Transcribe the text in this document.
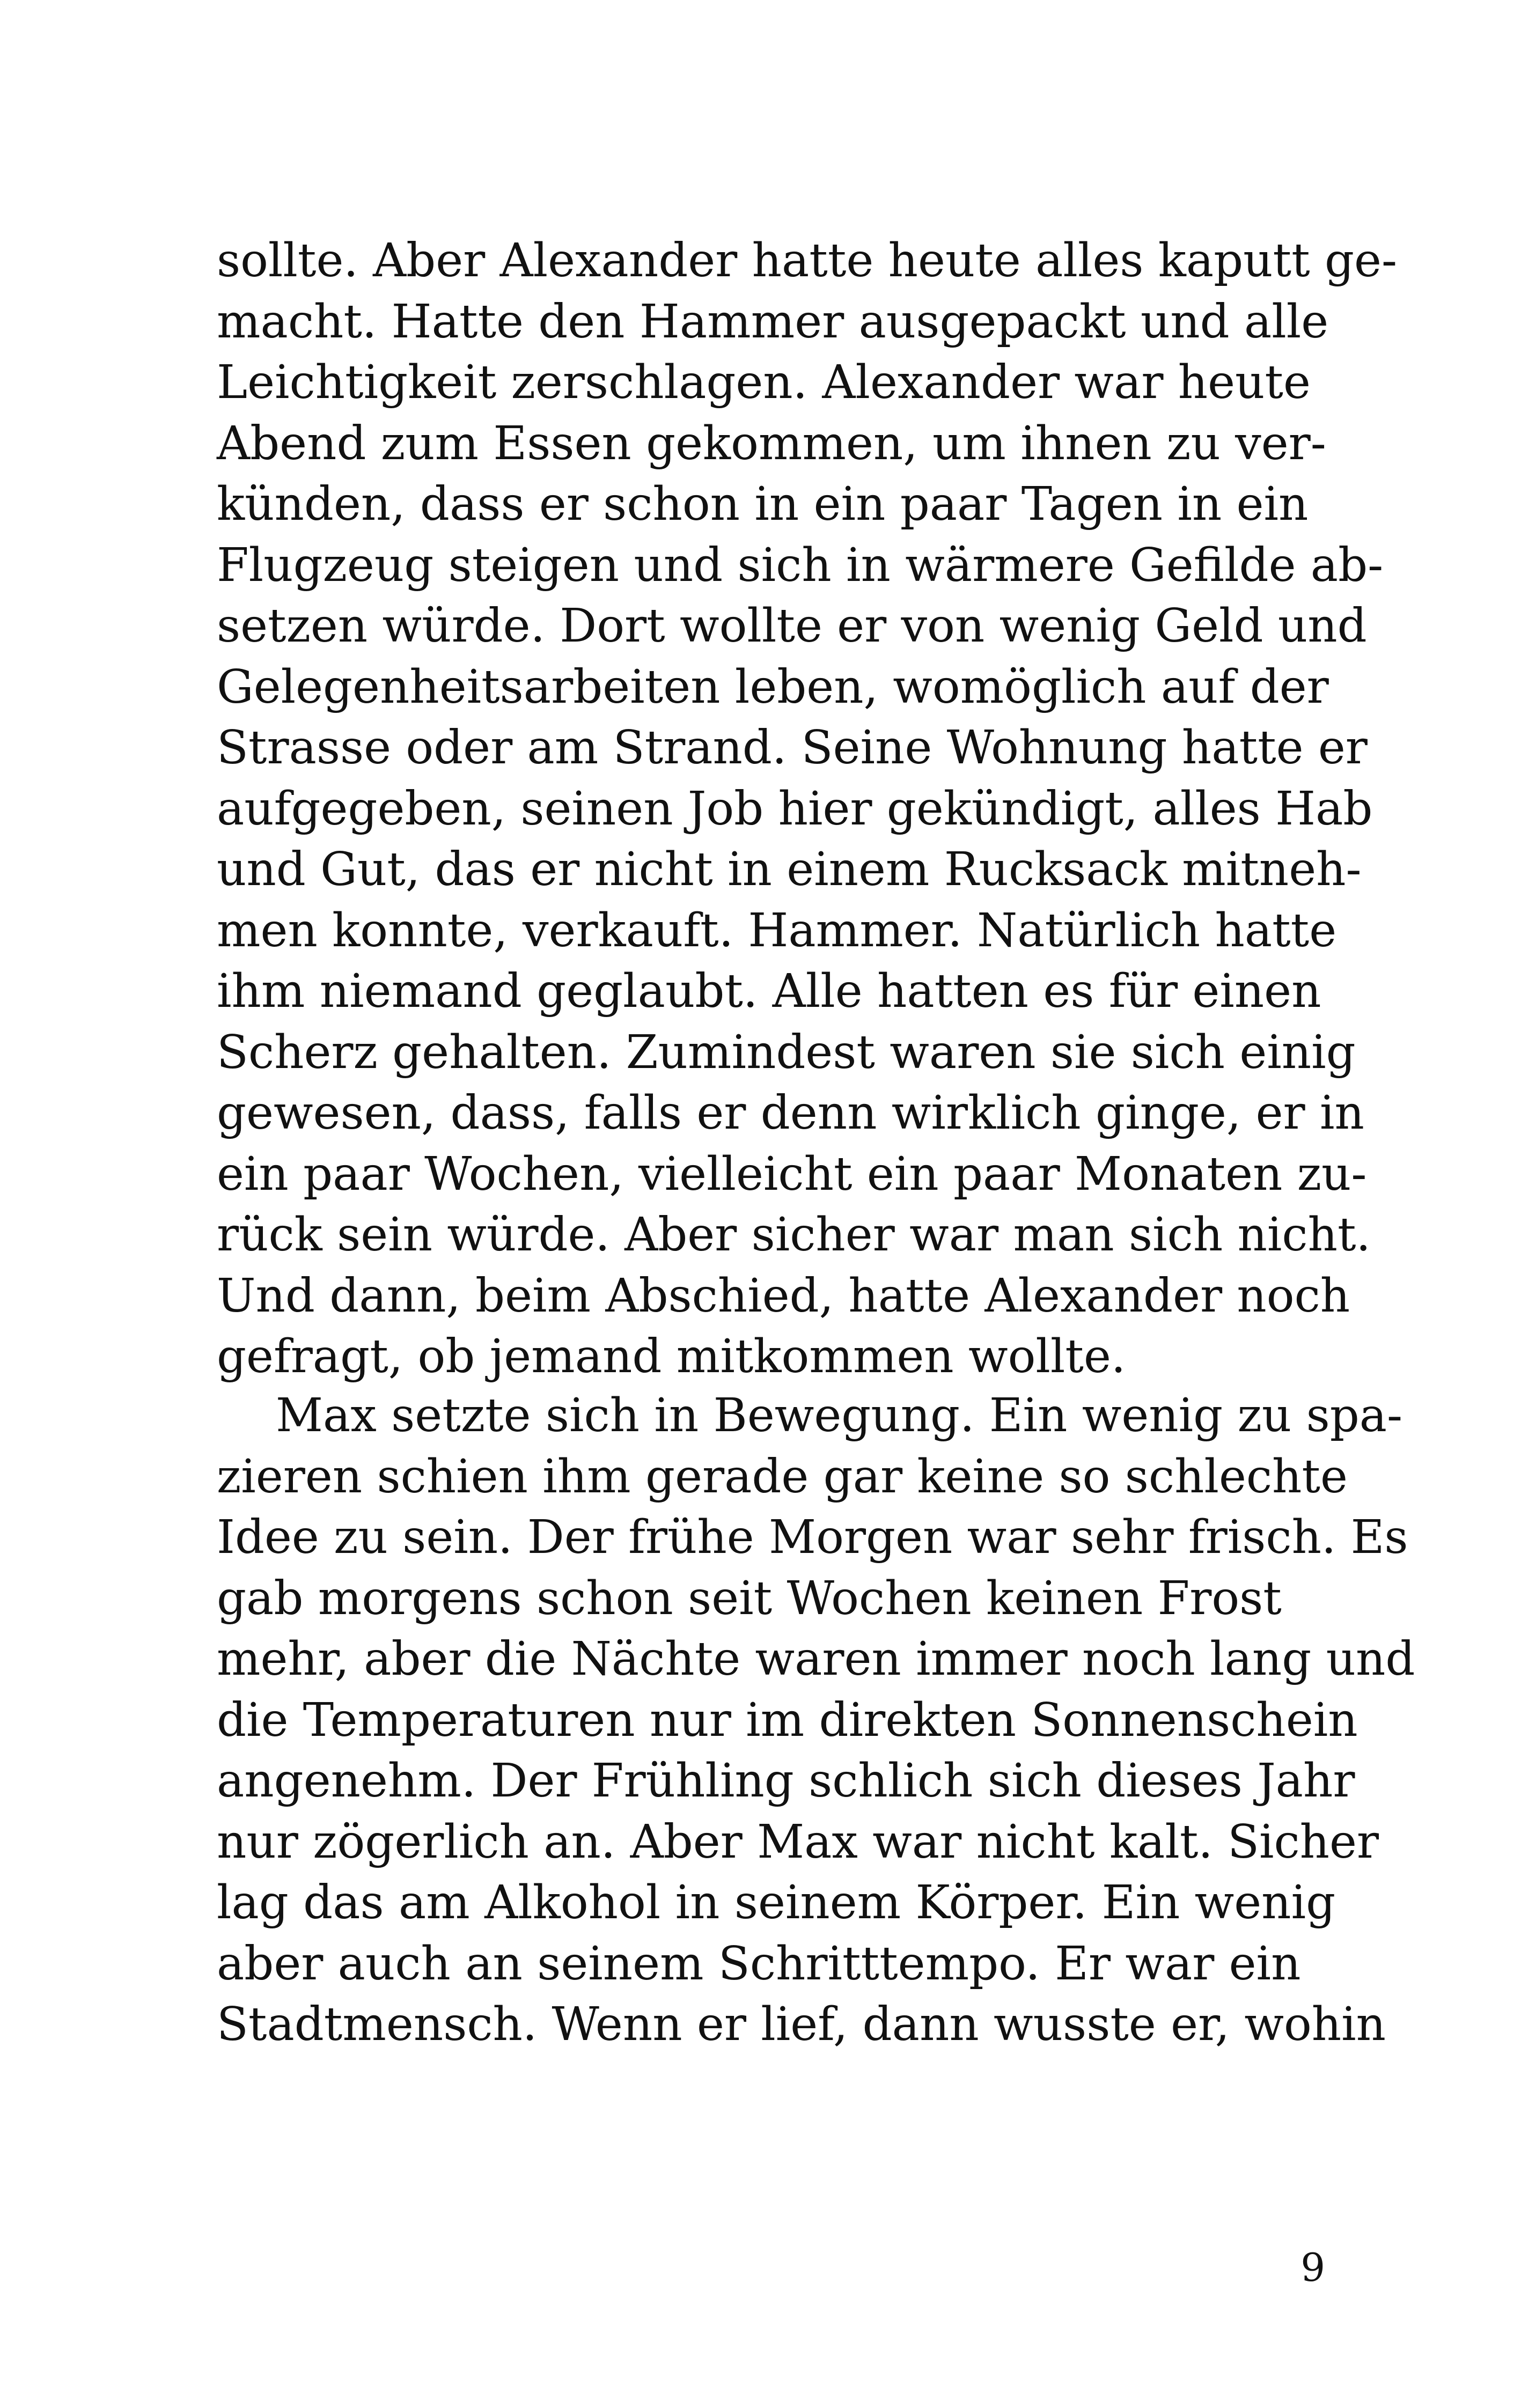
sollte. Aber Alexander hatte heute alles kaputt ge-
macht. Hatte den Hammer ausgepackt und alle
Leichtigkeit zerschlagen. Alexander war heute
Abend zum Essen gekommen, um ihnen zu ver-
künden, dass er schon in ein paar Tagen in ein
Flugzeug steigen und sich in wärmere Gefilde ab-
setzen würde. Dort wollte er von wenig Geld und
Gelegenheitsarbeiten leben, womöglich auf der
Strasse oder am Strand. Seine Wohnung hatte er
aufgegeben, seinen Job hier gekündigt, alles Hab
und Gut, das er nicht in einem Rucksack mitneh-
men konnte, verkauft. Hammer. Natürlich hatte
ihm niemand geglaubt. Alle hatten es für einen
Scherz gehalten. Zumindest waren sie sich einig
gewesen, dass, falls er denn wirklich ginge, er in
ein paar Wochen, vielleicht ein paar Monaten zu-
rück sein würde. Aber sicher war man sich nicht.
Und dann, beim Abschied, hatte Alexander noch
gefragt, ob jemand mitkommen wollte.
Max setzte sich in Bewegung. Ein wenig zu spa-
zieren schien ihm gerade gar keine so schlechte
Idee zu sein. Der frühe Morgen war sehr frisch. Es
gab morgens schon seit Wochen keinen Frost
mehr, aber die Nächte waren immer noch lang und
die Temperaturen nur im direkten Sonnenschein
angenehm. Der Frühling schlich sich dieses Jahr
nur zögerlich an. Aber Max war nicht kalt. Sicher
lag das am Alkohol in seinem Körper. Ein wenig
aber auch an seinem Schritttempo. Er war ein
Stadtmensch. Wenn er lief, dann wusste er, wohin
9
